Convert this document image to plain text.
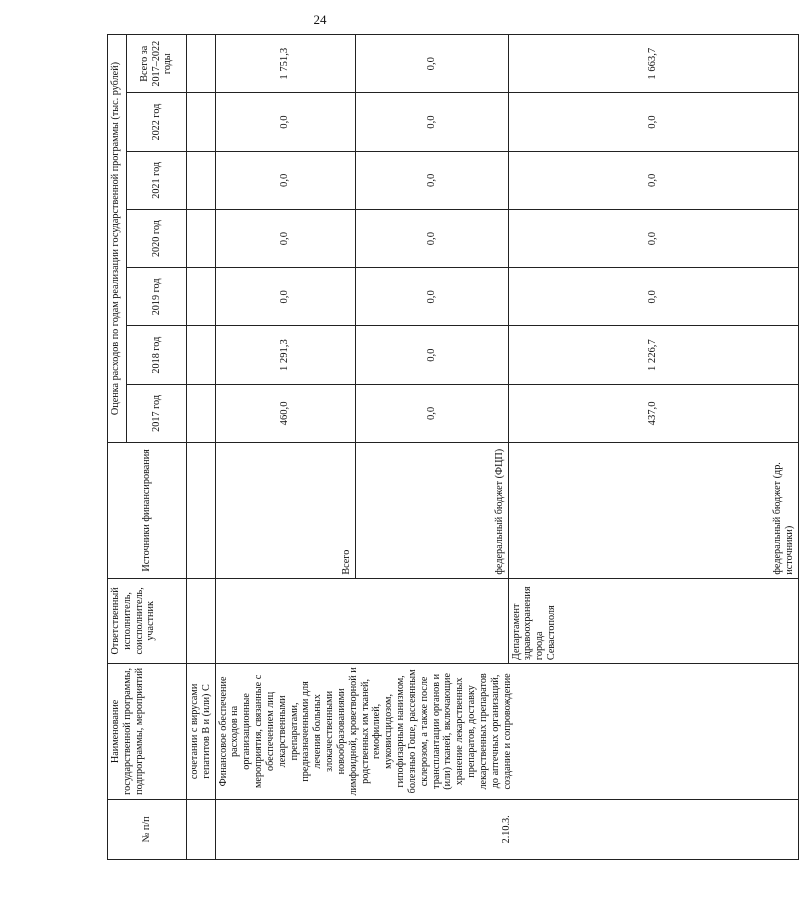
24
№ п/п	Наименование государственной программы, подпрограммы, мероприятий	Ответственный исполнитель, соисполнитель, участник	Источники финансирования	Оценка расходов по годам реализации государственной программы (тыс. рублей)						
				2017 год	2018 год	2019 год	2020 год	2021 год	2022 год	Всего за 2017–2022 годы
	сочетании с вирусами гепатитов В и (или) С									
2.10.3.	Финансовое обеспечение расходов на организационные мероприятия, связанные с обеспечением лиц лекарственными препаратами, предназначенными для лечения больных злокачественными новообразованиями лимфоидной, кроветворной и родственных им тканей, гемофилией, муковисцидозом, гипофизарным нанизмом, болезнью Гоше, рассеянным склерозом, а также после трансплантации органов и (или) тканей, включающие хранение лекарственных препаратов, доставку лекарственных препаратов до аптечных организаций, создание и сопровождение		Всего	460,0	1 291,3	0,0	0,0	0,0	0,0	1 751,3
			федеральный бюджет (ФЦП)	0,0	0,0	0,0	0,0	0,0	0,0	0,0
		Департамент здравоохранения города Севастополя	федеральный бюджет (др. источники)	437,0	1 226,7	0,0	0,0	0,0	0,0	1 663,7
